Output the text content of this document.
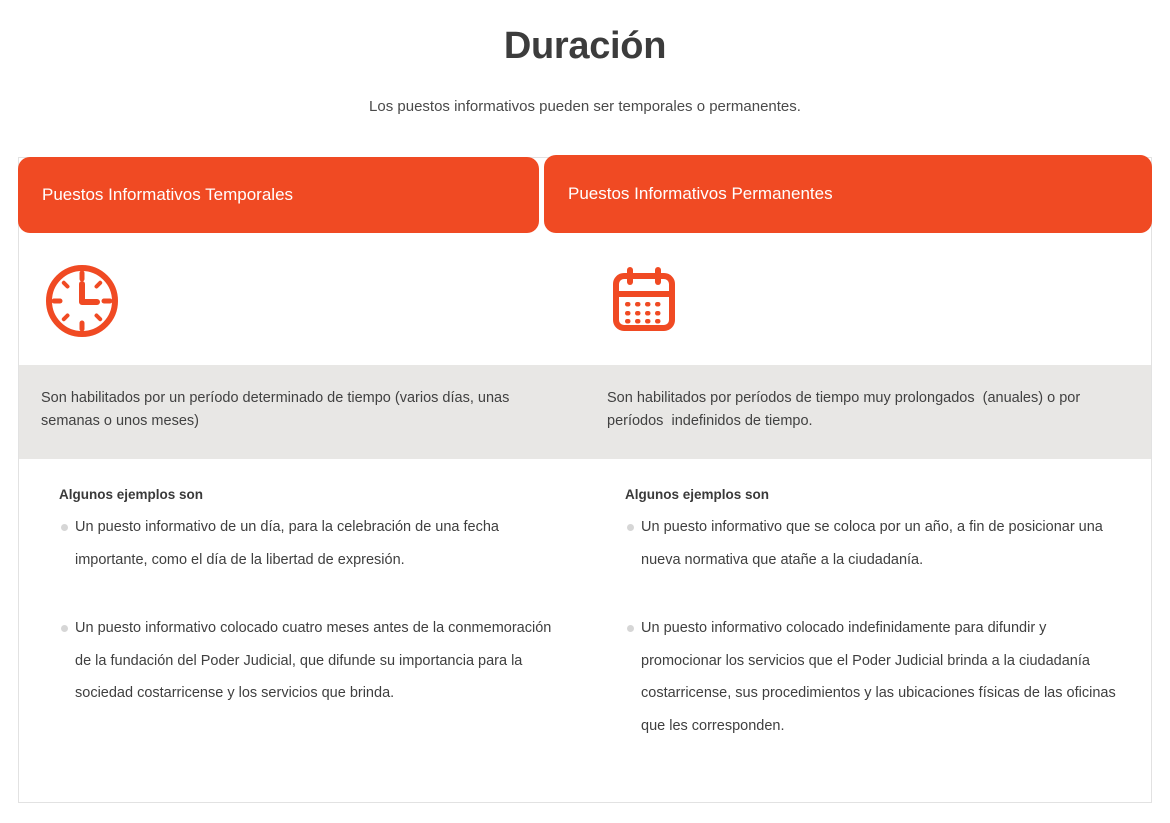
Duración

Los puestos informativos pueden ser temporales o permanentes.

Son habilitados por un período determinado de tiempo (varios días, unas semanas o unos meses)

Son habilitados por períodos de tiempo muy prolongados  (anuales) o por períodos  indefinidos de tiempo.

Algunos ejemplos son
Un puesto informativo de un día, para la celebración de una fecha importante, como el día de la libertad de expresión.
Un puesto informativo colocado cuatro meses antes de la conmemoración de la fundación del Poder Judicial, que difunde su importancia para la sociedad costarricense y los servicios que brinda.
Algunos ejemplos son
Un puesto informativo que se coloca por un año, a fin de posicionar una nueva normativa que atañe a la ciudadanía.
Un puesto informativo colocado indefinidamente para difundir y promocionar los servicios que el Poder Judicial brinda a la ciudadanía costarricense, sus procedimientos y las ubicaciones físicas de las oficinas que les corresponden.
Puestos Informativos Temporales	Puestos Informativos Permanentes
